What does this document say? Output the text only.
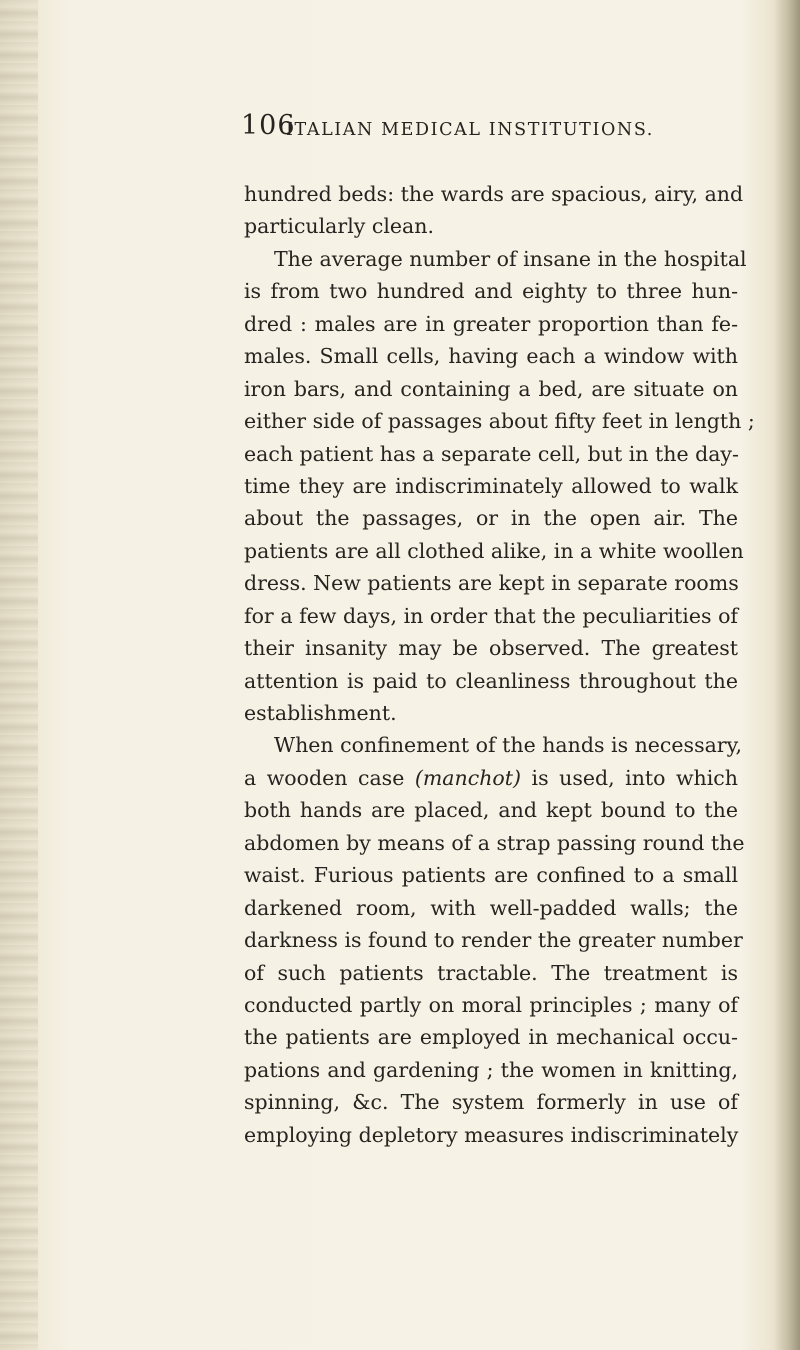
106
ITALIAN MEDICAL INSTITUTIONS.
hundred beds: the wards are spacious, airy, and
particularly clean.
The average number of insane in the hospital
is from two hundred and eighty to three hun-
dred : males are in greater proportion than fe-
males. Small cells, having each a window with
iron bars, and containing a bed, are situate on
either side of passages about fifty feet in length ;
each patient has a separate cell, but in the day-
time they are indiscriminately allowed to walk
about the passages, or in the open air. The
patients are all clothed alike, in a white woollen
dress. New patients are kept in separate rooms
for a few days, in order that the peculiarities of
their insanity may be observed. The greatest
attention is paid to cleanliness throughout the
establishment.
When confinement of the hands is necessary,
a wooden case (manchot) is used, into which
both hands are placed, and kept bound to the
abdomen by means of a strap passing round the
waist. Furious patients are confined to a small
darkened room, with well-padded walls; the
darkness is found to render the greater number
of such patients tractable. The treatment is
conducted partly on moral principles ; many of
the patients are employed in mechanical occu-
pations and gardening ; the women in knitting,
spinning, &c. The system formerly in use of
employing depletory measures indiscriminately
